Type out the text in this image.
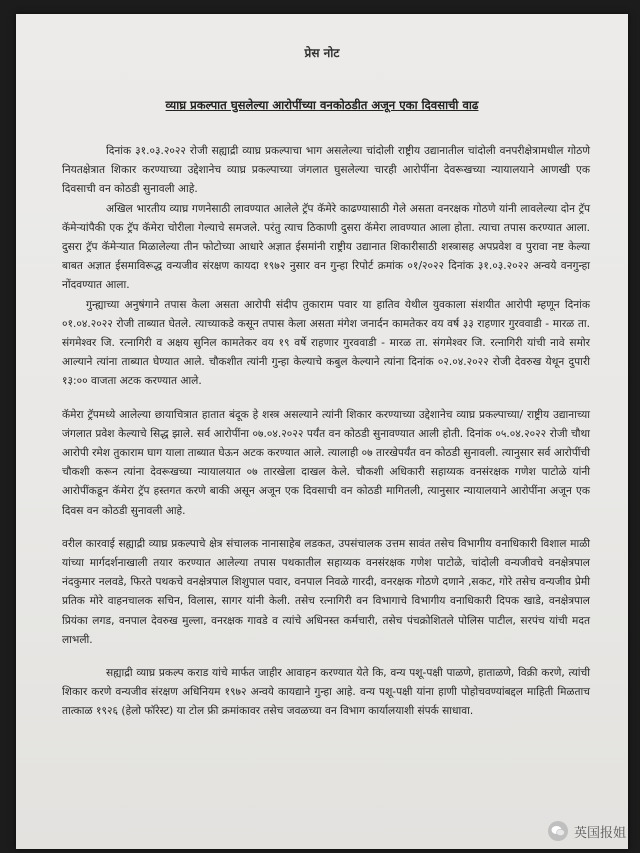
प्रेस नोट
व्याघ्र प्रकल्पात घुसलेल्या आरोपींच्या वनकोठडीत अजून एका दिवसाची वाढ

दिनांक ३१.०३.२०२२ रोजी सह्याद्री व्याघ्र प्रकल्पाचा भाग असलेल्या चांदोली राष्ट्रीय उद्यानातील चांदोली वनपरीक्षेत्रामधील गोठणे नियतक्षेत्रात शिकार करण्याच्या उद्देशानेच व्याघ्र प्रकल्पाच्या जंगलात घुसलेल्या चारही आरोपींना देवरूखच्या न्यायालयाने आणखी एक दिवसाची वन कोठडी सुनावली आहे.

अखिल भारतीय व्याघ्र गणनेसाठी लावण्यात आलेले ट्रॅप कॅमेरे काढण्यासाठी गेले असता वनरक्षक गोठणे यांनी लावलेल्या दोन ट्रॅप कॅमेऱ्यांपैकी एक ट्रॅप कॅमेरा चोरीला गेल्याचे समजले. परंतु त्याच ठिकाणी दुसरा कॅमेरा लावण्यात आला होता. त्याचा तपास करण्यात आला. दुसरा ट्रॅप कॅमेऱ्यात मिळालेल्या तीन फोटोच्या आधारे अज्ञात ईसमांनी राष्ट्रीय उद्यानात शिकारीसाठी शस्त्रासह अपप्रवेश व पुरावा नष्ट केल्या बाबत अज्ञात ईसमाविरूद्ध वन्यजीव संरक्षण कायदा १९७२ नुसार वन गुन्हा रिपोर्ट क्रमांक ०१/२०२२ दिनांक ३१.०३.२०२२ अन्वये वनगुन्हा नोंदवण्यात आला.

गुन्ह्याच्या अनुषंगाने तपास केला असता आरोपी संदीप तुकाराम पवार या हातिव येथील युवकाला संशयीत आरोपी म्हणून दिनांक ०१.०४.२०२२ रोजी ताब्यात घेतले. त्याच्याकडे कसून तपास केला असता मंगेश जनार्दन कामतेकर वय वर्ष ३३ राहणार गुरववाडी - मारळ ता. संगमेश्वर जि. रत्नागिरी व अक्षय सुनिल कामतेकर वय १९ वर्षे राहणार गुरववाडी - मारळ ता. संगमेश्वर जि. रत्नागिरी यांची नावे समोर आल्याने त्यांना ताब्यात घेण्यात आले. चौकशीत त्यांनी गुन्हा केल्याचे कबुल केल्याने त्यांना दिनांक ०२.०४.२०२२ रोजी देवरुख येथून दुपारी १३:०० वाजता अटक करण्यात आले.

कॅमेरा ट्रॅपमध्ये आलेल्या छायाचित्रात हातात बंदूक हे शस्त्र असल्याने त्यांनी शिकार करण्याच्या उद्देशानेच व्याघ्र प्रकल्पाच्या/ राष्ट्रीय उद्यानाच्या जंगलात प्रवेश केल्याचे सिद्ध झाले. सर्व आरोपींना ०७.०४.२०२२ पर्यंत वन कोठडी सुनावण्यात आली होती. दिनांक ०५.०४.२०२२ रोजी चौथा आरोपी रमेश तुकाराम घाग याला ताब्यात घेऊन अटक करण्यात आले. त्यालाही ०७ तारखेपर्यंत वन कोठडी सुनावली. त्यानुसार सर्व आरोपींची चौकशी करून त्यांना देवरूखच्या न्यायालयात ०७ तारखेला दाखल केले. चौकशी अधिकारी सहाय्यक वनसंरक्षक गणेश पाटोळे यांनी आरोपींकडून कॅमेरा ट्रॅप हस्तगत करणे बाकी असून अजून एक दिवसाची वन कोठडी मागितली, त्यानुसार न्यायालयाने आरोपींना अजून एक दिवस वन कोठडी सुनावली आहे.

वरील कारवाई सह्याद्री व्याघ्र प्रकल्पाचे क्षेत्र संचालक नानासाहेब लडकत, उपसंचालक उत्तम सावंत तसेच विभागीय वनाधिकारी विशाल माळी यांच्या मार्गदर्शनाखाली तयार करण्यात आलेल्या तपास पथकातील सहाय्यक वनसंरक्षक गणेश पाटोळे, चांदोली वन्यजीवचे वनक्षेत्रपाल नंदकुमार नलवडे, फिरते पथकचे वनक्षेत्रपाल शिशुपाल पवार, वनपाल निवळे गारदी, वनरक्षक गोठणे दणाने ,सकट, गोरे तसेच वन्यजीव प्रेमी प्रतिक मोरे वाहनचालक सचिन, विलास, सागर यांनी केली. तसेच रत्नागिरी वन विभागाचे विभागीय वनाधिकारी दिपक खाडे, वनक्षेत्रपाल प्रियंका लगड, वनपाल देवरुख मुल्ला, वनरक्षक गावडे व त्यांचे अधिनस्त कर्मचारी, तसेच पंचक्रोशितले पोलिस पाटील, सरपंच यांची मदत लाभली.

सह्याद्री व्याघ्र प्रकल्प कराड यांचे मार्फत जाहीर आवाहन करण्यात येते कि, वन्य पशू-पक्षी पाळणे, हाताळणे, विक्री करणे, त्यांची शिकार करणे वन्यजीव संरक्षण अधिनियम १९७२ अन्वये कायद्याने गुन्हा आहे. वन्य पशू-पक्षी यांना हाणी पोहोचवण्यांबद्दल माहिती मिळताच तात्काळ १९२६ (हेलो फॉरेस्ट) या टोल फ्री क्रमांकावर तसेच जवळच्या वन विभाग कार्यालयाशी संपर्क साधावा.

英国报姐
